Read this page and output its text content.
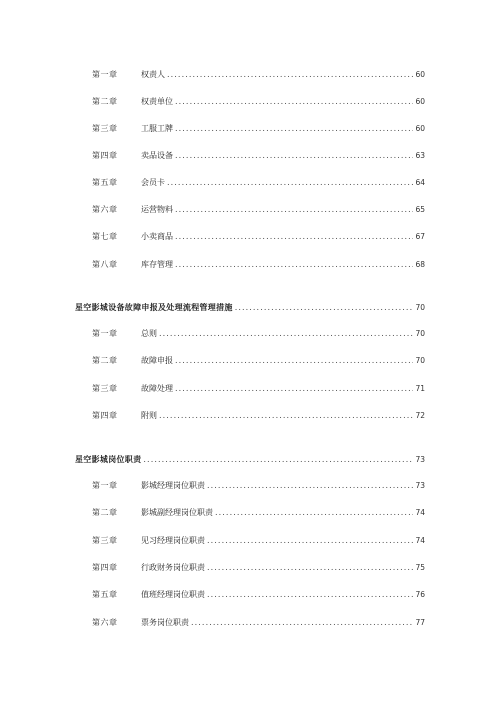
第一章	权责人 .....	60
第二章	权责单位 .....	60
第三章	工服工牌 .....	60
第四章	卖品设备 .....	63
第五章	会员卡 .....	64
第六章	运营物料 .....	65
第七章	小卖商品 .....	67
第八章	库存管理 .....	68
星空影城设备故障申报及处理流程管理措施 .....	70
第一章	总则 .....	70
第二章	故障申报 .....	70
第三章	故障处理 .....	71
第四章	附则 .....	72
星空影城岗位职责 .....	73
第一章	影城经理岗位职责 .....	73
第二章	影城副经理岗位职责 .....	74
第三章	见习经理岗位职责 .....	74
第四章	行政财务岗位职责 .....	75
第五章	值班经理岗位职责 .....	76
第六章	票务岗位职责 .....	77
